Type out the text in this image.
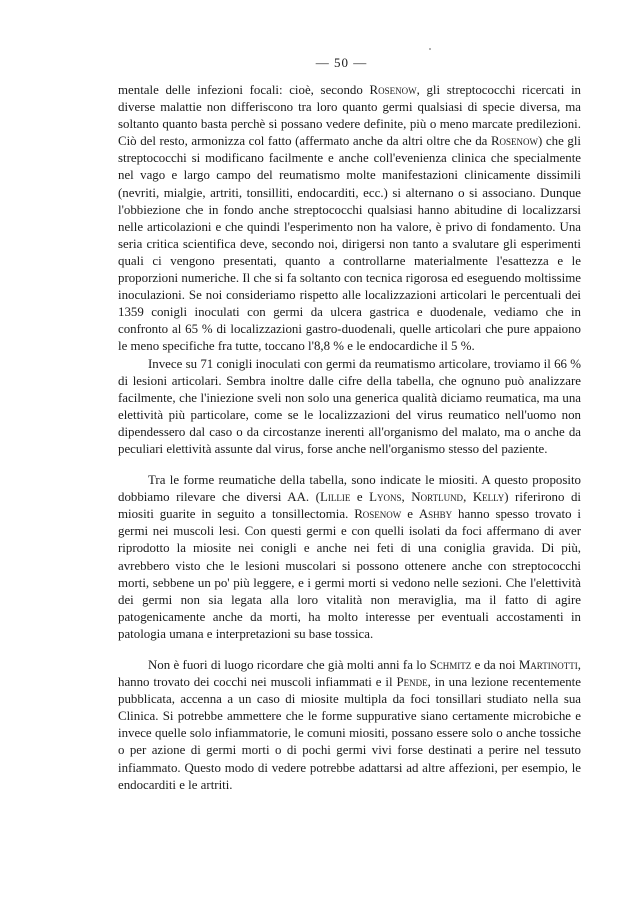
— 50 —

mentale delle infezioni focali: cioè, secondo Rosenow, gli streptococchi ricercati in diverse malattie non differiscono tra loro quanto germi qualsiasi di specie diversa, ma soltanto quanto basta perchè si possano vedere definite, più o meno marcate predilezioni. Ciò del resto, armonizza col fatto (affermato anche da altri oltre che da Rosenow) che gli streptococchi si modificano facilmente e anche coll'evenienza clinica che specialmente nel vago e largo campo del reumatismo molte manifestazioni clinicamente dissimili (nevriti, mialgie, artriti, tonsilliti, endocarditi, ecc.) si alternano o si associano. Dunque l'obbiezione che in fondo anche streptococchi qualsiasi hanno abitudine di localizzarsi nelle articolazioni e che quindi l'esperimento non ha valore, è privo di fondamento. Una seria critica scientifica deve, secondo noi, dirigersi non tanto a svalutare gli esperimenti quali ci vengono presentati, quanto a controllarne materialmente l'esattezza e le proporzioni numeriche. Il che si fa soltanto con tecnica rigorosa ed eseguendo moltissime inoculazioni. Se noi consideriamo rispetto alle localizzazioni articolari le percentuali dei 1359 conigli inoculati con germi da ulcera gastrica e duodenale, vediamo che in confronto al 65 % di localizzazioni gastro-duodenali, quelle articolari che pure appaiono le meno specifiche fra tutte, toccano l'8,8 % e le endocardiche il 5 %.

Invece su 71 conigli inoculati con germi da reumatismo articolare, troviamo il 66 % di lesioni articolari. Sembra inoltre dalle cifre della tabella, che ognuno può analizzare facilmente, che l'iniezione sveli non solo una generica qualità diciamo reumatica, ma una elettività più particolare, come se le localizzazioni del virus reumatico nell'uomo non dipendessero dal caso o da circostanze inerenti all'organismo del malato, ma o anche da peculiari elettività assunte dal virus, forse anche nell'organismo stesso del paziente.

Tra le forme reumatiche della tabella, sono indicate le miositi. A questo proposito dobbiamo rilevare che diversi AA. (Lillie e Lyons, Nortlund, Kelly) riferirono di miositi guarite in seguito a tonsillectomia. Rosenow e Ashby hanno spesso trovato i germi nei muscoli lesi. Con questi germi e con quelli isolati da foci affermano di aver riprodotto la miosite nei conigli e anche nei feti di una coniglia gravida. Di più, avrebbero visto che le lesioni muscolari si possono ottenere anche con streptococchi morti, sebbene un po' più leggere, e i germi morti si vedono nelle sezioni. Che l'elettività dei germi non sia legata alla loro vitalità non meraviglia, ma il fatto di agire patogenicamente anche da morti, ha molto interesse per eventuali accostamenti in patologia umana e interpretazioni su base tossica.

Non è fuori di luogo ricordare che già molti anni fa lo Schmitz e da noi Martinotti, hanno trovato dei cocchi nei muscoli infiammati e il Pende, in una lezione recentemente pubblicata, accenna a un caso di miosite multipla da foci tonsillari studiato nella sua Clinica. Si potrebbe ammettere che le forme suppurative siano certamente microbiche e invece quelle solo infiammatorie, le comuni miositi, possano essere solo o anche tossiche o per azione di germi morti o di pochi germi vivi forse destinati a perire nel tessuto infiammato. Questo modo di vedere potrebbe adattarsi ad altre affezioni, per esempio, le endocarditi e le artriti.
